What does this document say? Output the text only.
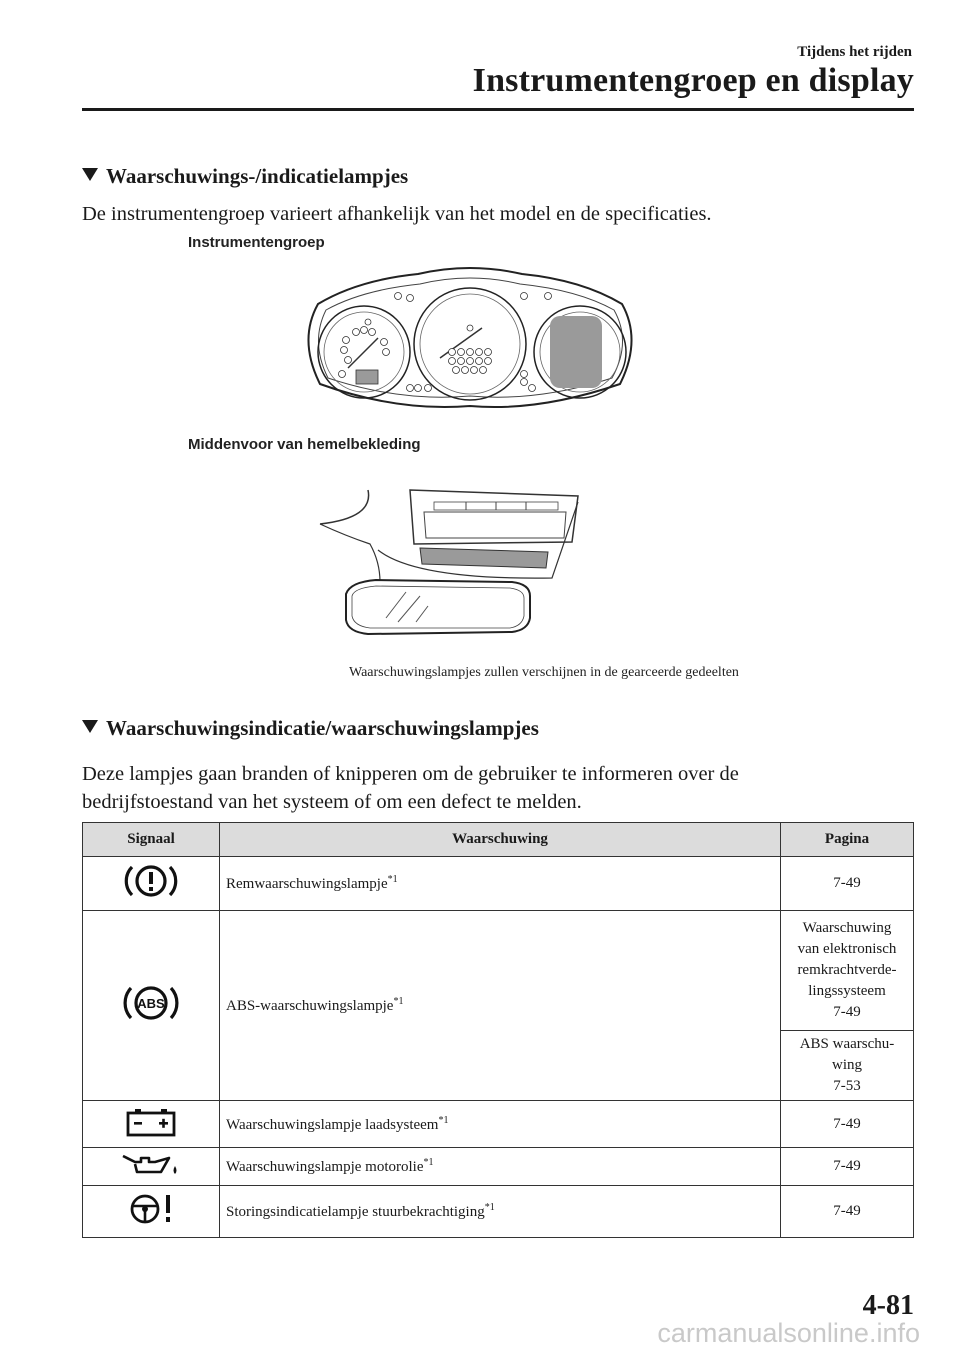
Tijdens het rijden
Instrumentengroep en display
Waarschuwings-/indicatielampjes
De instrumentengroep varieert afhankelijk van het model en de specificaties.
Instrumentengroep
Middenvoor van hemelbekleding
Waarschuwingslampjes zullen verschijnen in de gearceerde gedeelten
Waarschuwingsindicatie/waarschuwingslampjes
Deze lampjes gaan branden of knipperen om de gebruiker te informeren over de
bedrijfstoestand van het systeem of om een defect te melden.
Signaal	Waarschuwing	Pagina
	Remwaarschuwingslampje$^{*1}$	7-49

ABS	ABS-waarschuwingslampje$^{*1}$	Waarschuwing
van elektronisch
remkrachtverde-
lingssysteem
7-49

		ABS waarschu-
wing
7-53

	Waarschuwingslampje laadsysteem$^{*1}$	7-49
	Waarschuwingslampje motorolie$^{*1}$	7-49
	Storingsindicatielampje stuurbekrachtiging$^{*1}$	7-49
4-81
carmanualsonline.info
